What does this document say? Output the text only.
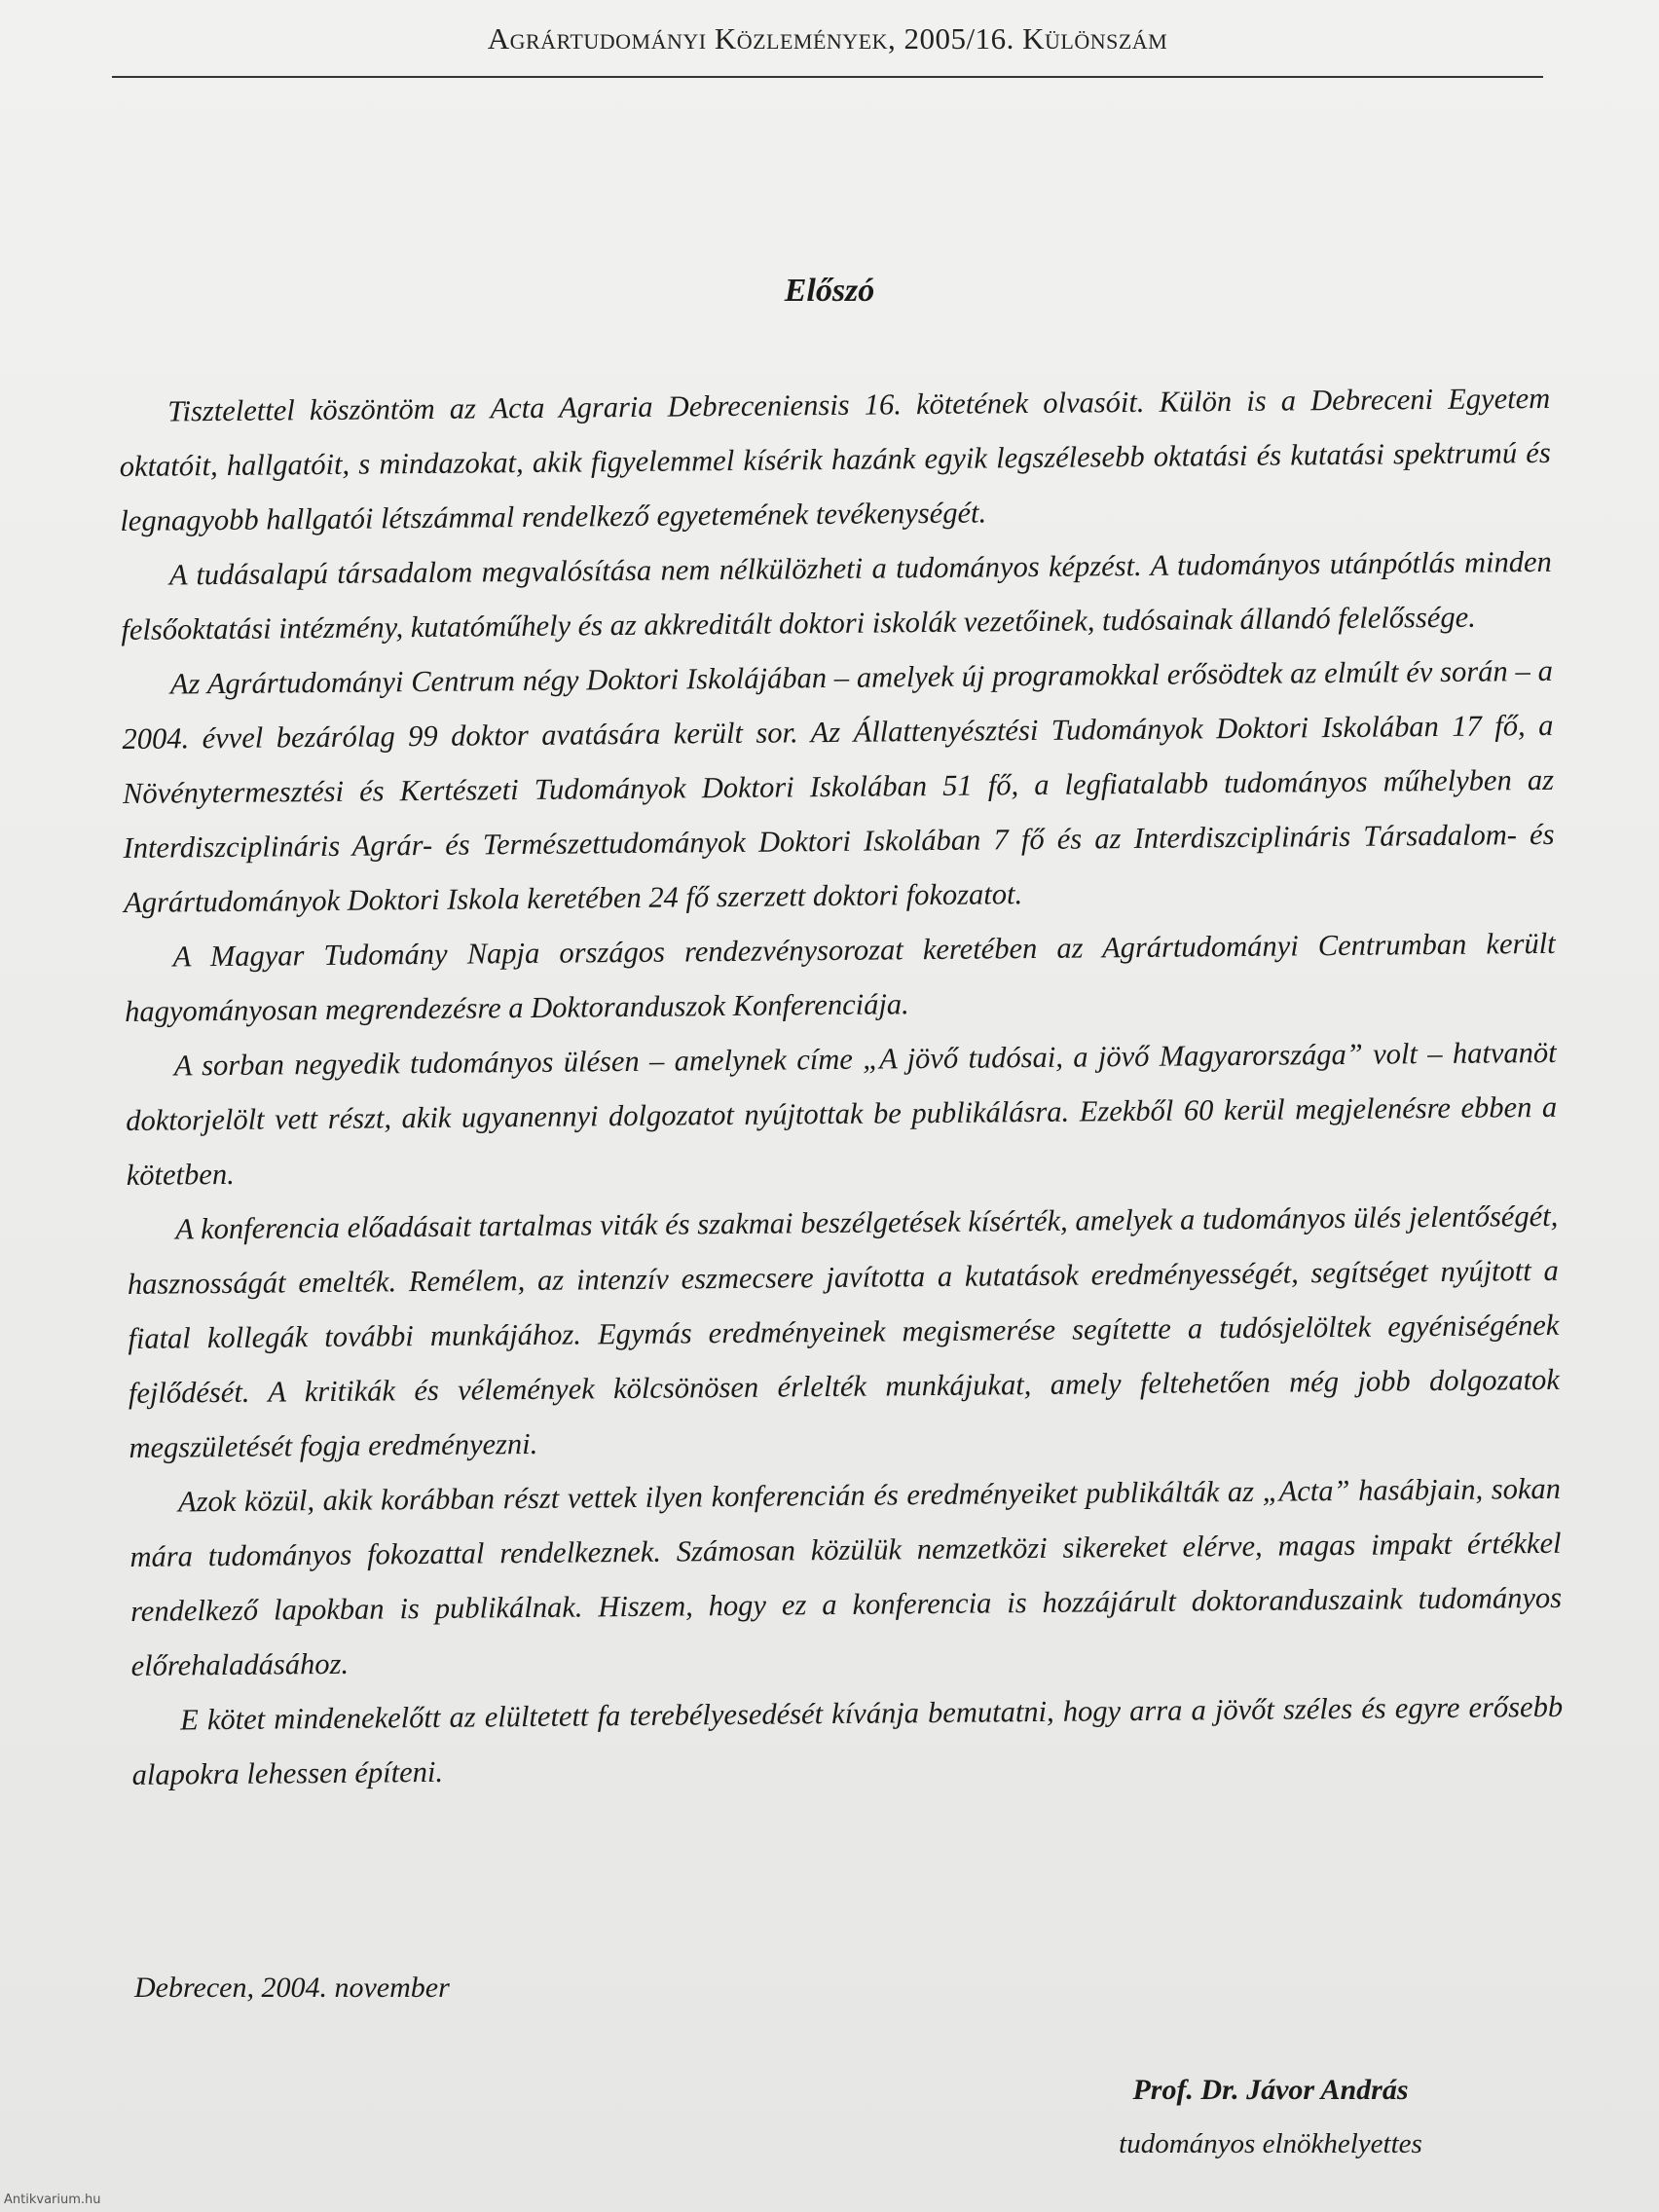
Agrártudományi Közlemények, 2005/16. Különszám
Előszó

Tisztelettel köszöntöm az Acta Agraria Debreceniensis 16. kötetének olvasóit. Külön is a Debreceni Egyetem oktatóit, hallgatóit, s mindazokat, akik figyelemmel kísérik hazánk egyik legszélesebb oktatási és kutatási spektrumú és legnagyobb hallgatói létszámmal rendelkező egyetemének tevékenységét.

A tudásalapú társadalom megvalósítása nem nélkülözheti a tudományos képzést. A tudományos utánpótlás minden felsőoktatási intézmény, kutatóműhely és az akkreditált doktori iskolák vezetőinek, tudósainak állandó felelőssége.

Az Agrártudományi Centrum négy Doktori Iskolájában – amelyek új programokkal erősödtek az elmúlt év során – a 2004. évvel bezárólag 99 doktor avatására került sor. Az Állattenyésztési Tudományok Doktori Iskolában 17 fő, a Növénytermesztési és Kertészeti Tudományok Doktori Iskolában 51 fő, a legfiatalabb tudományos műhelyben az Interdiszciplináris Agrár- és Természettudományok Doktori Iskolában 7 fő és az Interdiszciplináris Társadalom- és Agrártudományok Doktori Iskola keretében 24 fő szerzett doktori fokozatot.

A Magyar Tudomány Napja országos rendezvénysorozat keretében az Agrártudományi Centrumban került hagyományosan megrendezésre a Doktoranduszok Konferenciája.

A sorban negyedik tudományos ülésen – amelynek címe „A jövő tudósai, a jövő Magyarországa” volt – hatvanöt doktorjelölt vett részt, akik ugyanennyi dolgozatot nyújtottak be publikálásra. Ezekből 60 kerül megjelenésre ebben a kötetben.

A konferencia előadásait tartalmas viták és szakmai beszélgetések kísérték, amelyek a tudományos ülés jelentőségét, hasznosságát emelték. Remélem, az intenzív eszmecsere javította a kutatások eredményességét, segítséget nyújtott a fiatal kollegák további munkájához. Egymás eredményeinek megismerése segítette a tudósjelöltek egyéniségének fejlődését. A kritikák és vélemények kölcsönösen érlelték munkájukat, amely feltehetően még jobb dolgozatok megszületését fogja eredményezni.

Azok közül, akik korábban részt vettek ilyen konferencián és eredményeiket publikálták az „Acta” hasábjain, sokan mára tudományos fokozattal rendelkeznek. Számosan közülük nemzetközi sikereket elérve, magas impakt értékkel rendelkező lapokban is publikálnak. Hiszem, hogy ez a konferencia is hozzájárult doktoranduszaink tudományos előrehaladásához.

E kötet mindenekelőtt az elültetett fa terebélyesedését kívánja bemutatni, hogy arra a jövőt széles és egyre erősebb alapokra lehessen építeni.

Debrecen, 2004. november
Prof. Dr. Jávor András
tudományos elnökhelyettes
Antikvarium.hu
